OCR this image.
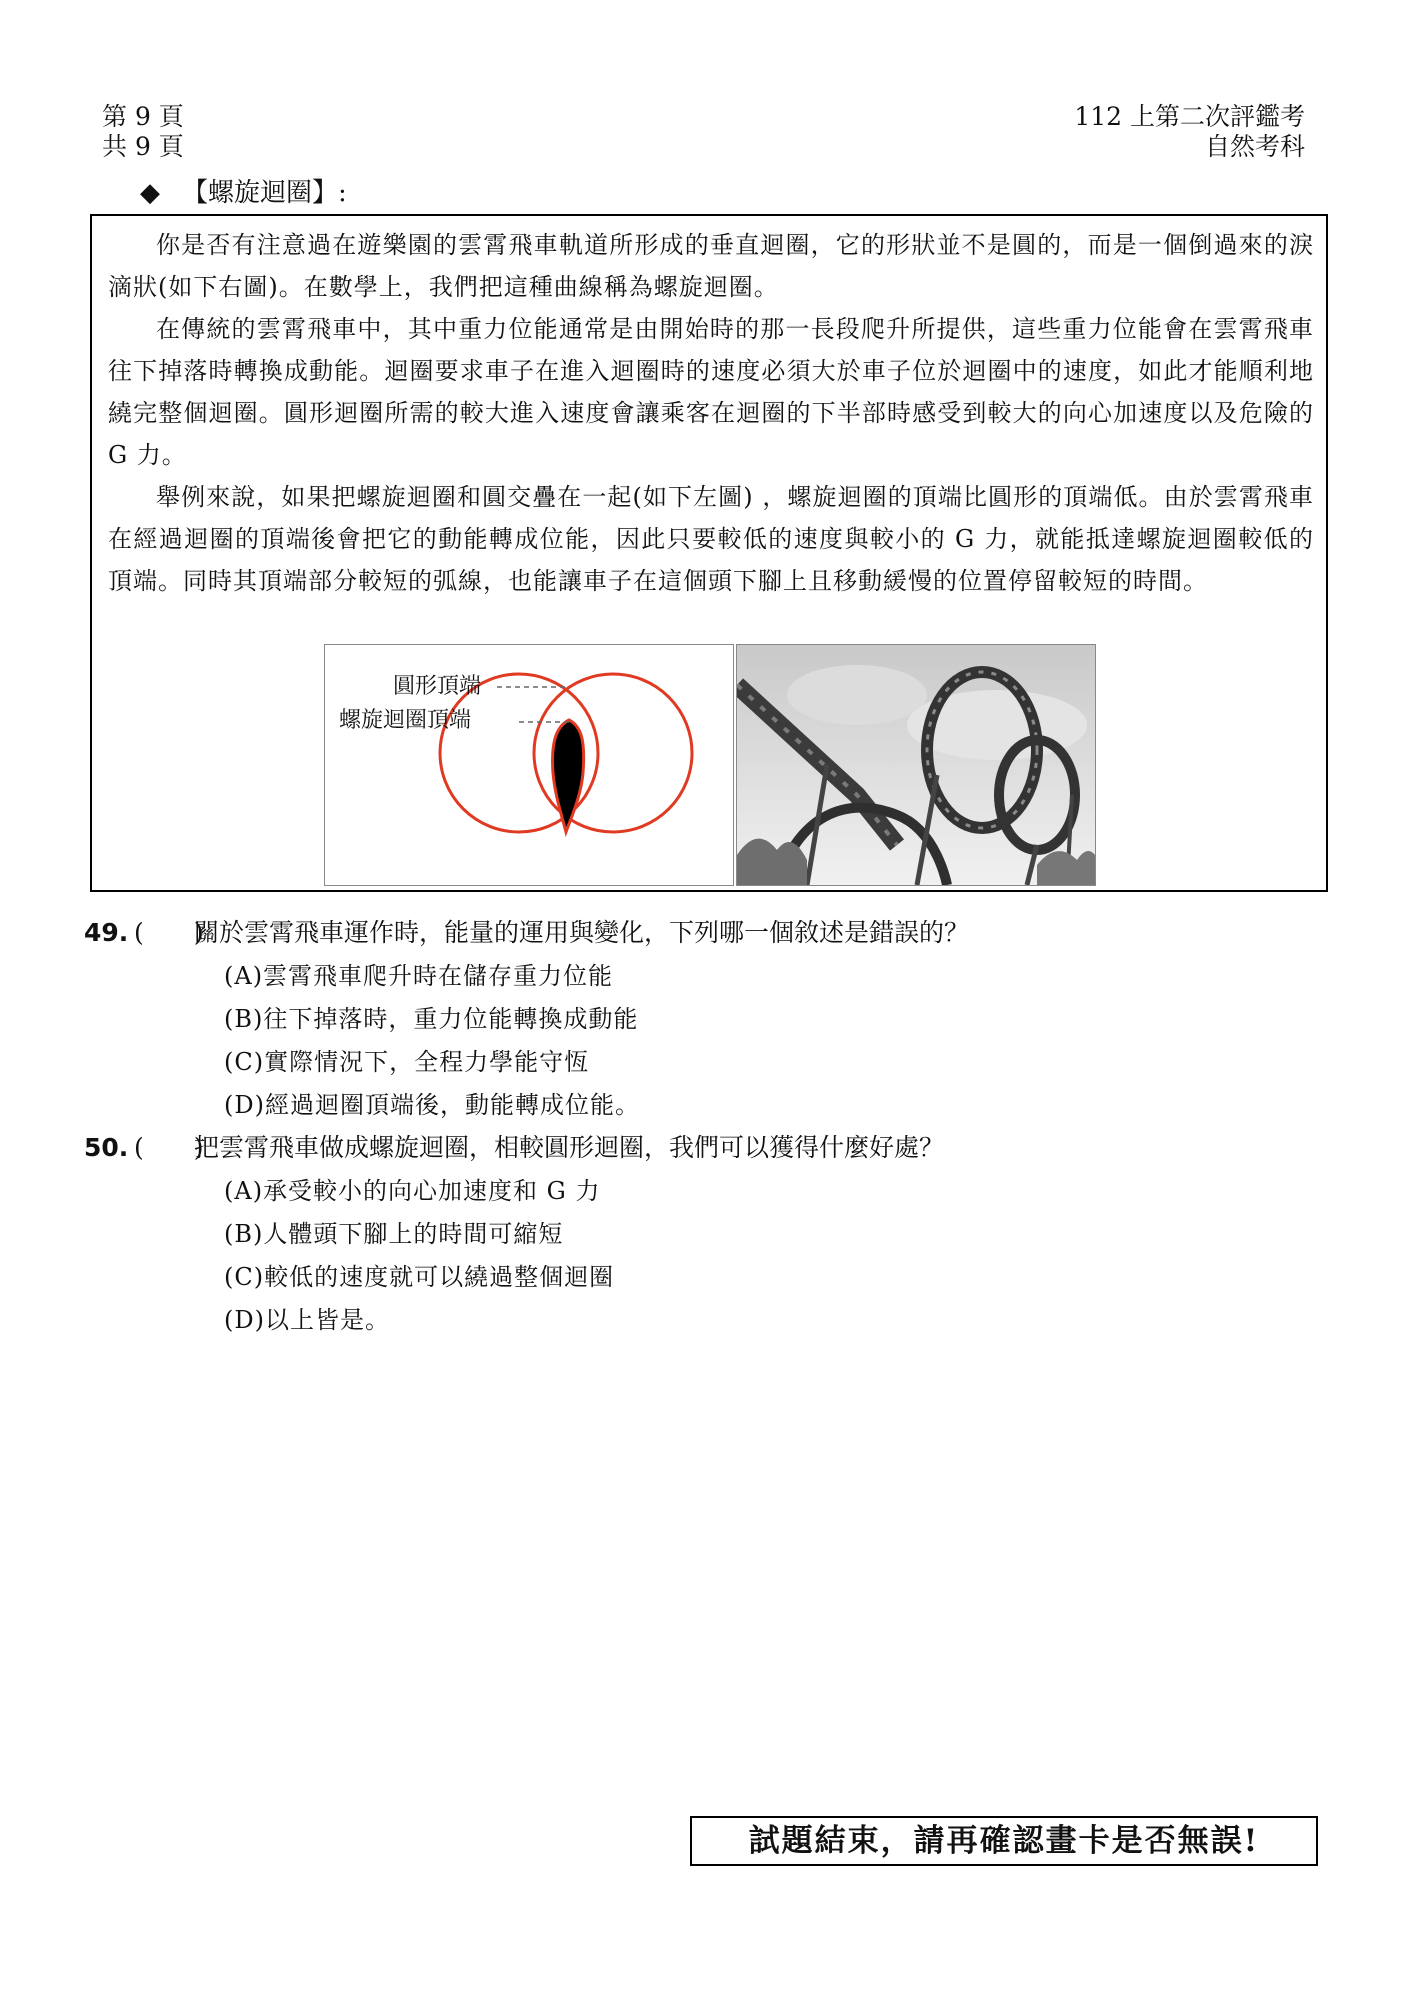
第 9 頁
共 9 頁
112 上第二次評鑑考
自然考科
◆ 【螺旋迴圈】:

你是否有注意過在遊樂園的雲霄飛車軌道所形成的垂直迴圈，它的形狀並不是圓的，而是一個倒過來的淚滴狀(如下右圖)。在數學上，我們把這種曲線稱為螺旋迴圈。

在傳統的雲霄飛車中，其中重力位能通常是由開始時的那一長段爬升所提供，這些重力位能會在雲霄飛車往下掉落時轉換成動能。迴圈要求車子在進入迴圈時的速度必須大於車子位於迴圈中的速度，如此才能順利地繞完整個迴圈。圓形迴圈所需的較大進入速度會讓乘客在迴圈的下半部時感受到較大的向心加速度以及危險的 G 力。

舉例來說，如果把螺旋迴圈和圓交疊在一起(如下左圖) ，螺旋迴圈的頂端比圓形的頂端低。由於雲霄飛車在經過迴圈的頂端後會把它的動能轉成位能，因此只要較低的速度與較小的 G 力，就能抵達螺旋迴圈較低的頂端。同時其頂端部分較短的弧線，也能讓車子在這個頭下腳上且移動緩慢的位置停留較短的時間。

圓形頂端
螺旋迴圈頂端
49. (　　)關於雲霄飛車運作時，能量的運用與變化，下列哪一個敘述是錯誤的？
(A)雲霄飛車爬升時在儲存重力位能
(B)往下掉落時，重力位能轉換成動能
(C)實際情況下，全程力學能守恆
(D)經過迴圈頂端後，動能轉成位能。
50. (　　)把雲霄飛車做成螺旋迴圈，相較圓形迴圈，我們可以獲得什麼好處？
(A)承受較小的向心加速度和 G 力
(B)人體頭下腳上的時間可縮短
(C)較低的速度就可以繞過整個迴圈
(D)以上皆是。
試題結束，請再確認畫卡是否無誤!
